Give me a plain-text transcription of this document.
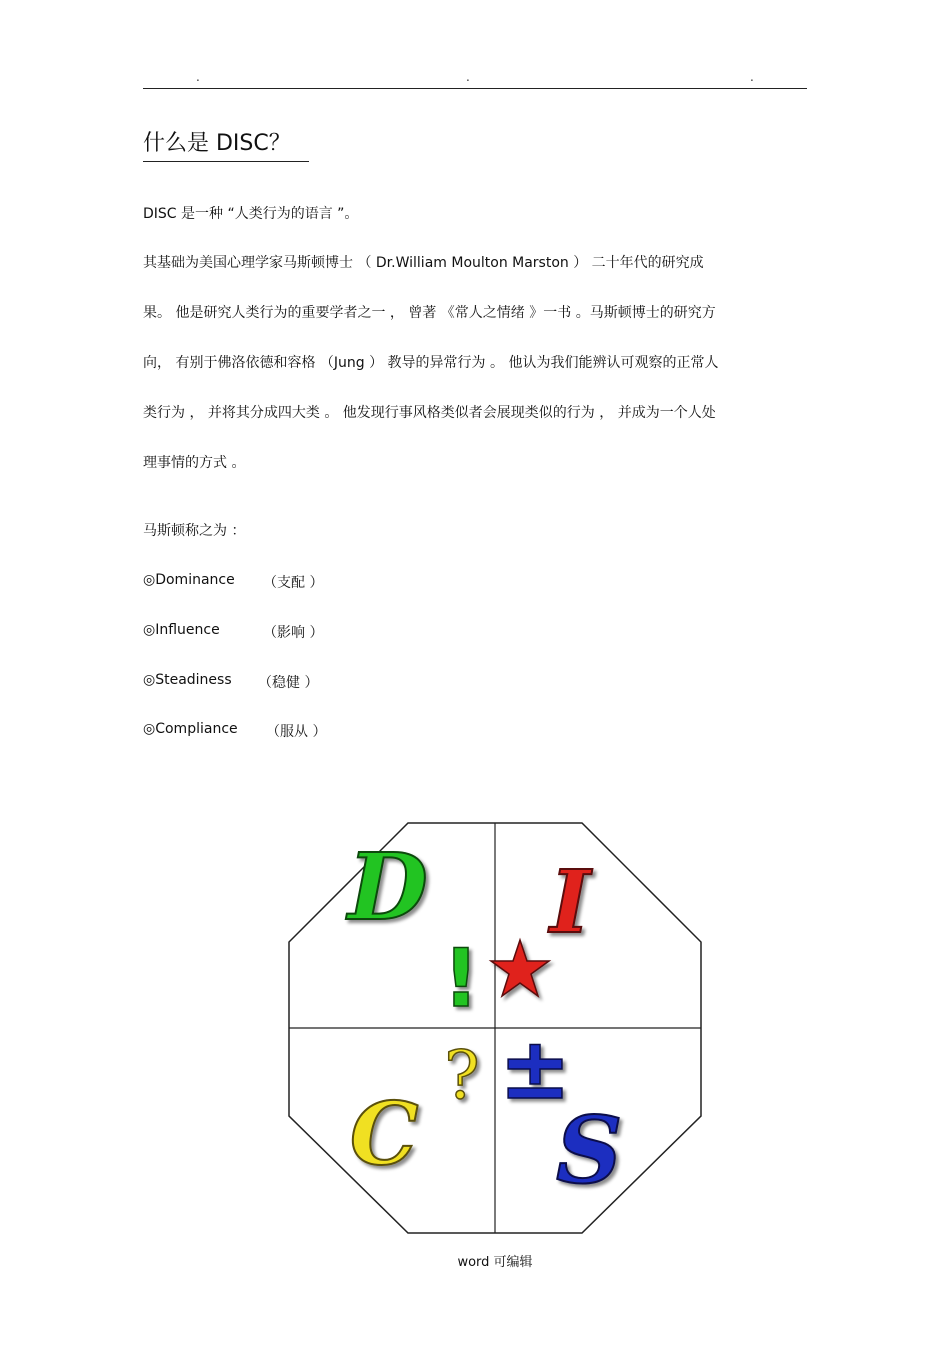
.	.	.
什么是 DISC？
DISC 是一种 “人类行为的语言 ”。
其基础为美国心理学家马斯顿博士 （ Dr.William Moulton Marston ） 二十年代的研究成
果。 他是研究人类行为的重要学者之一 ， 曾著 《常人之情绪 》一书 。马斯顿博士的研究方
向， 有别于佛洛依德和容格 （Jung ） 教导的异常行为 。 他认为我们能辨认可观察的正常人
类行为 ， 并将其分成四大类 。 他发现行事风格类似者会展现类似的行为 ， 并成为一个人处
理事情的方式 。
马斯顿称之为 ：
◎Dominance （支配 ）
◎Influence	（影响 ）
◎Steadiness （稳健 ）
◎Compliance （服从 ）
D I
C S
!
? ±
word 可编辑
